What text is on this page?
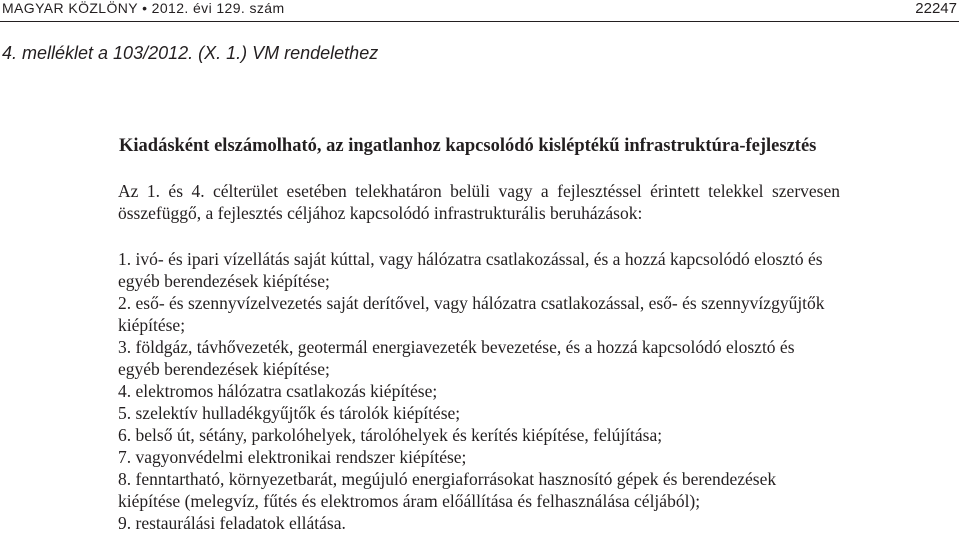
MAGYAR KÖZLÖNY • 2012. évi 129. szám	22247
4. melléklet a 103/2012. (X. 1.) VM rendelethez
Kiadásként elszámolható, az ingatlanhoz kapcsolódó kisléptékű infrastruktúra-fejlesztés
Az 1. és 4. célterület esetében telekhatáron belüli vagy a fejlesztéssel érintett telekkel szervesen összefüggő, a fejlesztés céljához kapcsolódó infrastrukturális beruházások:

1. ivó- és ipari vízellátás saját kúttal, vagy hálózatra csatlakozással, és a hozzá kapcsolódó elosztó és egyéb berendezések kiépítése;

2. eső- és szennyvízelvezetés saját derítővel, vagy hálózatra csatlakozással, eső- és szennyvízgyűjtők kiépítése;

3. földgáz, távhővezeték, geotermál energiavezeték bevezetése, és a hozzá kapcsolódó elosztó és egyéb berendezések kiépítése;

4. elektromos hálózatra csatlakozás kiépítése;

5. szelektív hulladékgyűjtők és tárolók kiépítése;

6. belső út, sétány, parkolóhelyek, tárolóhelyek és kerítés kiépítése, felújítása;

7. vagyonvédelmi elektronikai rendszer kiépítése;

8. fenntartható, környezetbarát, megújuló energiaforrásokat hasznosító gépek és berendezések kiépítése (melegvíz, fűtés és elektromos áram előállítása és felhasználása céljából);

9. restaurálási feladatok ellátása.
